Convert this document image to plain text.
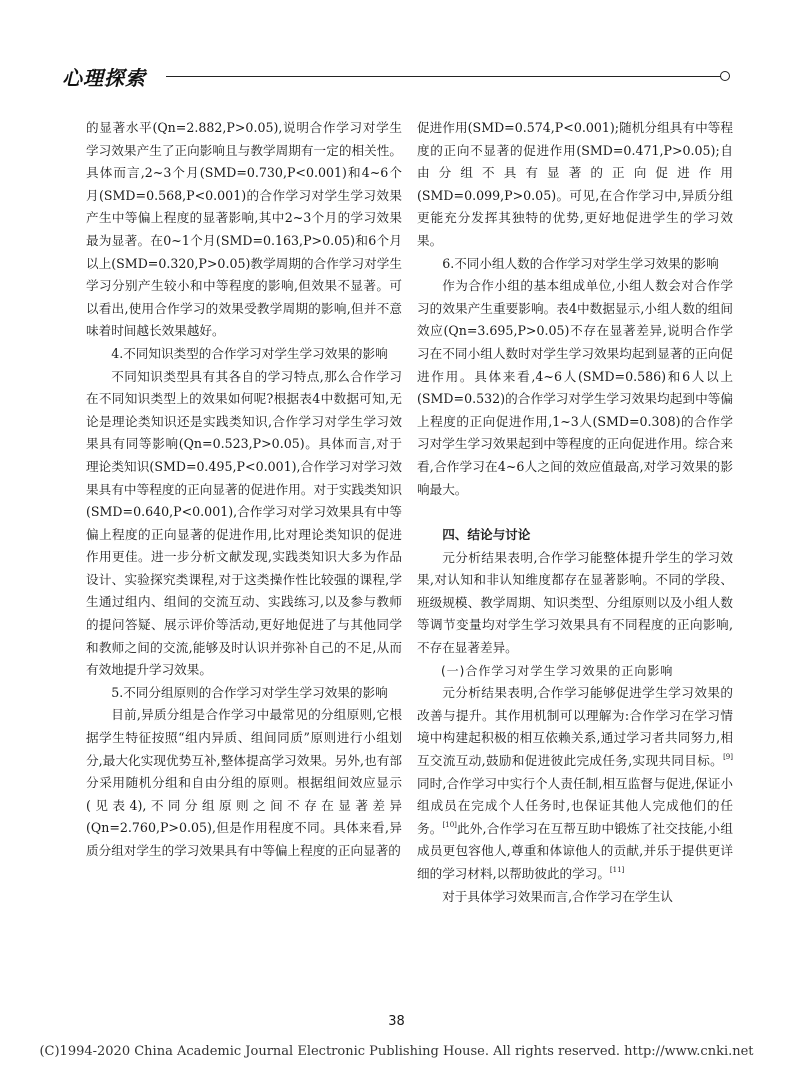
心理探索

的显著水平(Qn=2.882,P>0.05),说明合作学习对学生学习效果产生了正向影响且与教学周期有一定的相关性。具体而言,2~3个月(SMD=0.730,P<0.001)和4~6个月(SMD=0.568,P<0.001)的合作学习对学生学习效果产生中等偏上程度的显著影响,其中2~3个月的学习效果最为显著。在0~1个月(SMD=0.163,P>0.05)和6个月以上(SMD=0.320,P>0.05)教学周期的合作学习对学生学习分别产生较小和中等程度的影响,但效果不显著。可以看出,使用合作学习的效果受教学周期的影响,但并不意味着时间越长效果越好。

4.不同知识类型的合作学习对学生学习效果的影响

不同知识类型具有其各自的学习特点,那么合作学习在不同知识类型上的效果如何呢?根据表4中数据可知,无论是理论类知识还是实践类知识,合作学习对学生学习效果具有同等影响(Qn=0.523,P>0.05)。具体而言,对于理论类知识(SMD=0.495,P<0.001),合作学习对学习效果具有中等程度的正向显著的促进作用。对于实践类知识(SMD=0.640,P<0.001),合作学习对学习效果具有中等偏上程度的正向显著的促进作用,比对理论类知识的促进作用更佳。进一步分析文献发现,实践类知识大多为作品设计、实验探究类课程,对于这类操作性比较强的课程,学生通过组内、组间的交流互动、实践练习,以及参与教师的提问答疑、展示评价等活动,更好地促进了与其他同学和教师之间的交流,能够及时认识并弥补自己的不足,从而有效地提升学习效果。

5.不同分组原则的合作学习对学生学习效果的影响

目前,异质分组是合作学习中最常见的分组原则,它根据学生特征按照“组内异质、组间同质”原则进行小组划分,最大化实现优势互补,整体提高学习效果。另外,也有部分采用随机分组和自由分组的原则。根据组间效应显示(见表4),不同分组原则之间不存在显著差异(Qn=2.760,P>0.05),但是作用程度不同。具体来看,异质分组对学生的学习效果具有中等偏上程度的正向显著的

促进作用(SMD=0.574,P<0.001);随机分组具有中等程度的正向不显著的促进作用(SMD=0.471,P>0.05);自由分组不具有显著的正向促进作用(SMD=0.099,P>0.05)。可见,在合作学习中,异质分组更能充分发挥其独特的优势,更好地促进学生的学习效果。

6.不同小组人数的合作学习对学生学习效果的影响

作为合作小组的基本组成单位,小组人数会对合作学习的效果产生重要影响。表4中数据显示,小组人数的组间效应(Qn=3.695,P>0.05)不存在显著差异,说明合作学习在不同小组人数时对学生学习效果均起到显著的正向促进作用。具体来看,4~6人(SMD=0.586)和6人以上(SMD=0.532)的合作学习对学生学习效果均起到中等偏上程度的正向促进作用,1~3人(SMD=0.308)的合作学习对学生学习效果起到中等程度的正向促进作用。综合来看,合作学习在4~6人之间的效应值最高,对学习效果的影响最大。

四、结论与讨论

元分析结果表明,合作学习能整体提升学生的学习效果,对认知和非认知维度都存在显著影响。不同的学段、班级规模、教学周期、知识类型、分组原则以及小组人数等调节变量均对学生学习效果具有不同程度的正向影响,不存在显著差异。

(一)合作学习对学生学习效果的正向影响

元分析结果表明,合作学习能够促进学生学习效果的改善与提升。其作用机制可以理解为:合作学习在学习情境中构建起积极的相互依赖关系,通过学习者共同努力,相互交流互动,鼓励和促进彼此完成任务,实现共同目标。[9]同时,合作学习中实行个人责任制,相互监督与促进,保证小组成员在完成个人任务时,也保证其他人完成他们的任务。[10]此外,合作学习在互帮互助中锻炼了社交技能,小组成员更包容他人,尊重和体谅他人的贡献,并乐于提供更详细的学习材料,以帮助彼此的学习。[11]

对于具体学习效果而言,合作学习在学生认

38
(C)1994-2020 China Academic Journal Electronic Publishing House. All rights reserved. http://www.cnki.net
